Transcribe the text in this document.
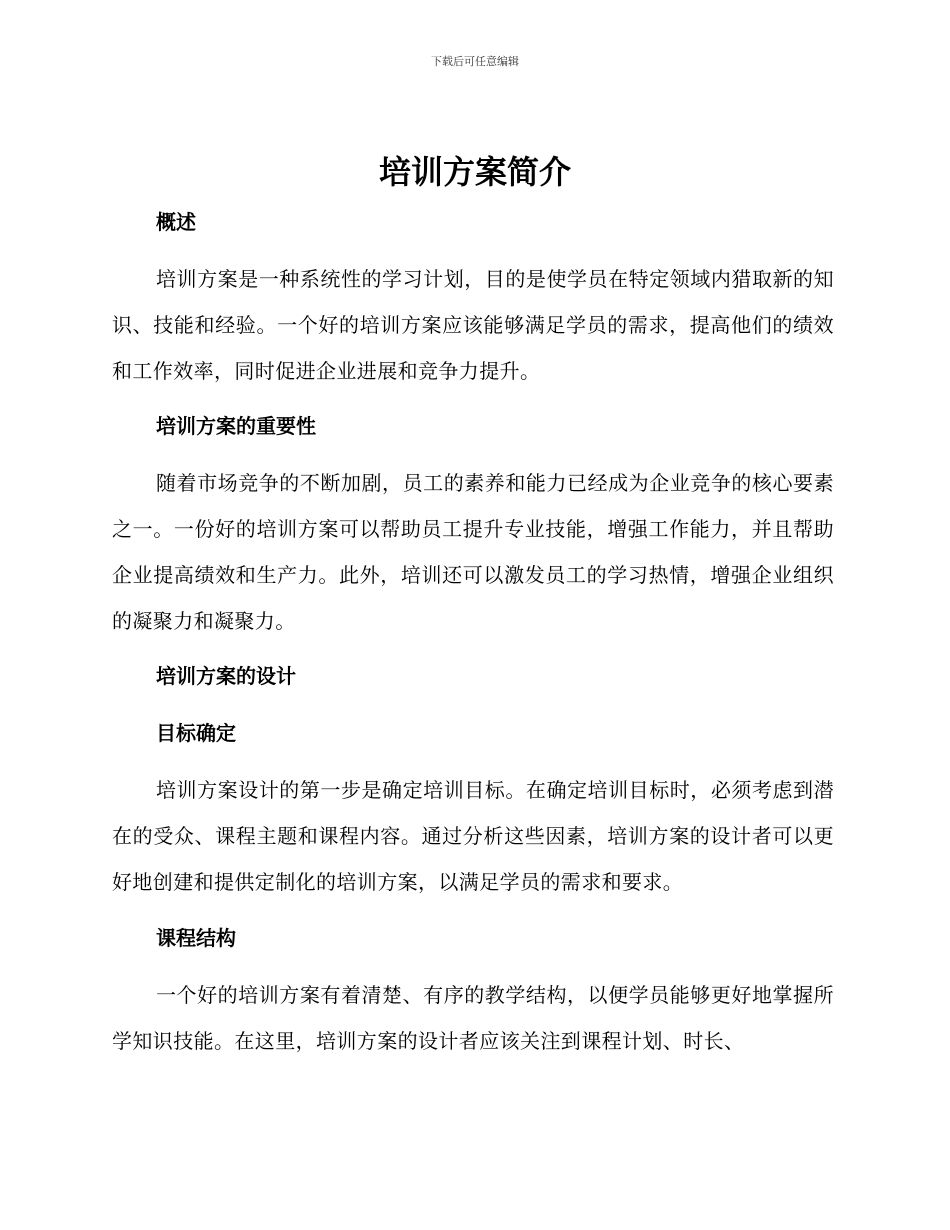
下载后可任意编辑
培训方案简介
概述

培训方案是一种系统性的学习计划，目的是使学员在特定领域内猎取新的知识、技能和经验。一个好的培训方案应该能够满足学员的需求，提高他们的绩效和工作效率，同时促进企业进展和竞争力提升。

培训方案的重要性

随着市场竞争的不断加剧，员工的素养和能力已经成为企业竞争的核心要素之一。一份好的培训方案可以帮助员工提升专业技能，增强工作能力，并且帮助企业提高绩效和生产力。此外，培训还可以激发员工的学习热情，增强企业组织的凝聚力和凝聚力。

培训方案的设计
目标确定

培训方案设计的第一步是确定培训目标。在确定培训目标时，必须考虑到潜在的受众、课程主题和课程内容。通过分析这些因素，培训方案的设计者可以更好地创建和提供定制化的培训方案，以满足学员的需求和要求。

课程结构

一个好的培训方案有着清楚、有序的教学结构，以便学员能够更好地掌握所学知识技能。在这里，培训方案的设计者应该关注到课程计划、时长、
